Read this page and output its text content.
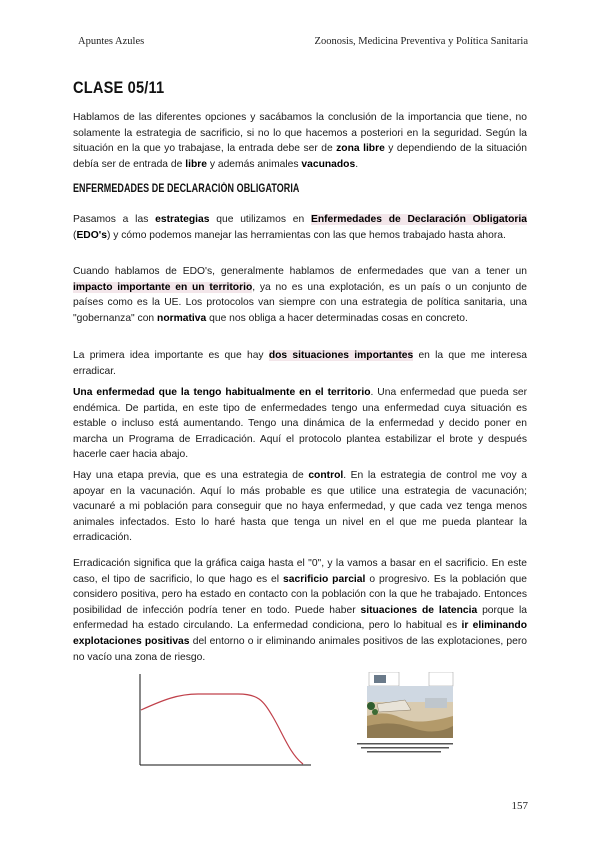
Apuntes Azules	Zoonosis, Medicina Preventiva y Política Sanitaria
CLASE 05/11

Hablamos de las diferentes opciones y sacábamos la conclusión de la importancia que tiene, no solamente la estrategia de sacrificio, si no lo que hacemos a posteriori en la seguridad. Según la situación en la que yo trabajase, la entrada debe ser de zona libre y dependiendo de la situación debía ser de entrada de libre y además animales vacunados.

ENFERMEDADES DE DECLARACIÓN OBLIGATORIA

Pasamos a las estrategias que utilizamos en Enfermedades de Declaración Obligatoria (EDO's) y cómo podemos manejar las herramientas con las que hemos trabajado hasta ahora.

Cuando hablamos de EDO's, generalmente hablamos de enfermedades que van a tener un impacto importante en un territorio, ya no es una explotación, es un país o un conjunto de países como es la UE. Los protocolos van siempre con una estrategia de política sanitaria, una "gobernanza" con normativa que nos obliga a hacer determinadas cosas en concreto.

La primera idea importante es que hay dos situaciones importantes en la que me interesa erradicar.

Una enfermedad que la tengo habitualmente en el territorio. Una enfermedad que pueda ser endémica. De partida, en este tipo de enfermedades tengo una enfermedad cuya situación es estable o incluso está aumentando. Tengo una dinámica de la enfermedad y decido poner en marcha un Programa de Erradicación. Aquí el protocolo plantea estabilizar el brote y después hacerle caer hacia abajo.

Hay una etapa previa, que es una estrategia de control. En la estrategia de control me voy a apoyar en la vacunación. Aquí lo más probable es que utilice una estrategia de vacunación; vacunaré a mi población para conseguir que no haya enfermedad, y que cada vez tenga menos animales infectados. Esto lo haré hasta que tenga un nivel en el que me pueda plantear la erradicación.

Erradicación significa que la gráfica caiga hasta el "0", y la vamos a basar en el sacrificio. En este caso, el tipo de sacrificio, lo que hago es el sacrificio parcial o progresivo. Es la población que considero positiva, pero ha estado en contacto con la población con la que he trabajado. Entonces posibilidad de infección podría tener en todo. Puede haber situaciones de latencia porque la enfermedad ha estado circulando. La enfermedad condiciona, pero lo habitual es ir eliminando explotaciones positivas del entorno o ir eliminando animales positivos de las explotaciones, pero no vacío una zona de riesgo.

157
